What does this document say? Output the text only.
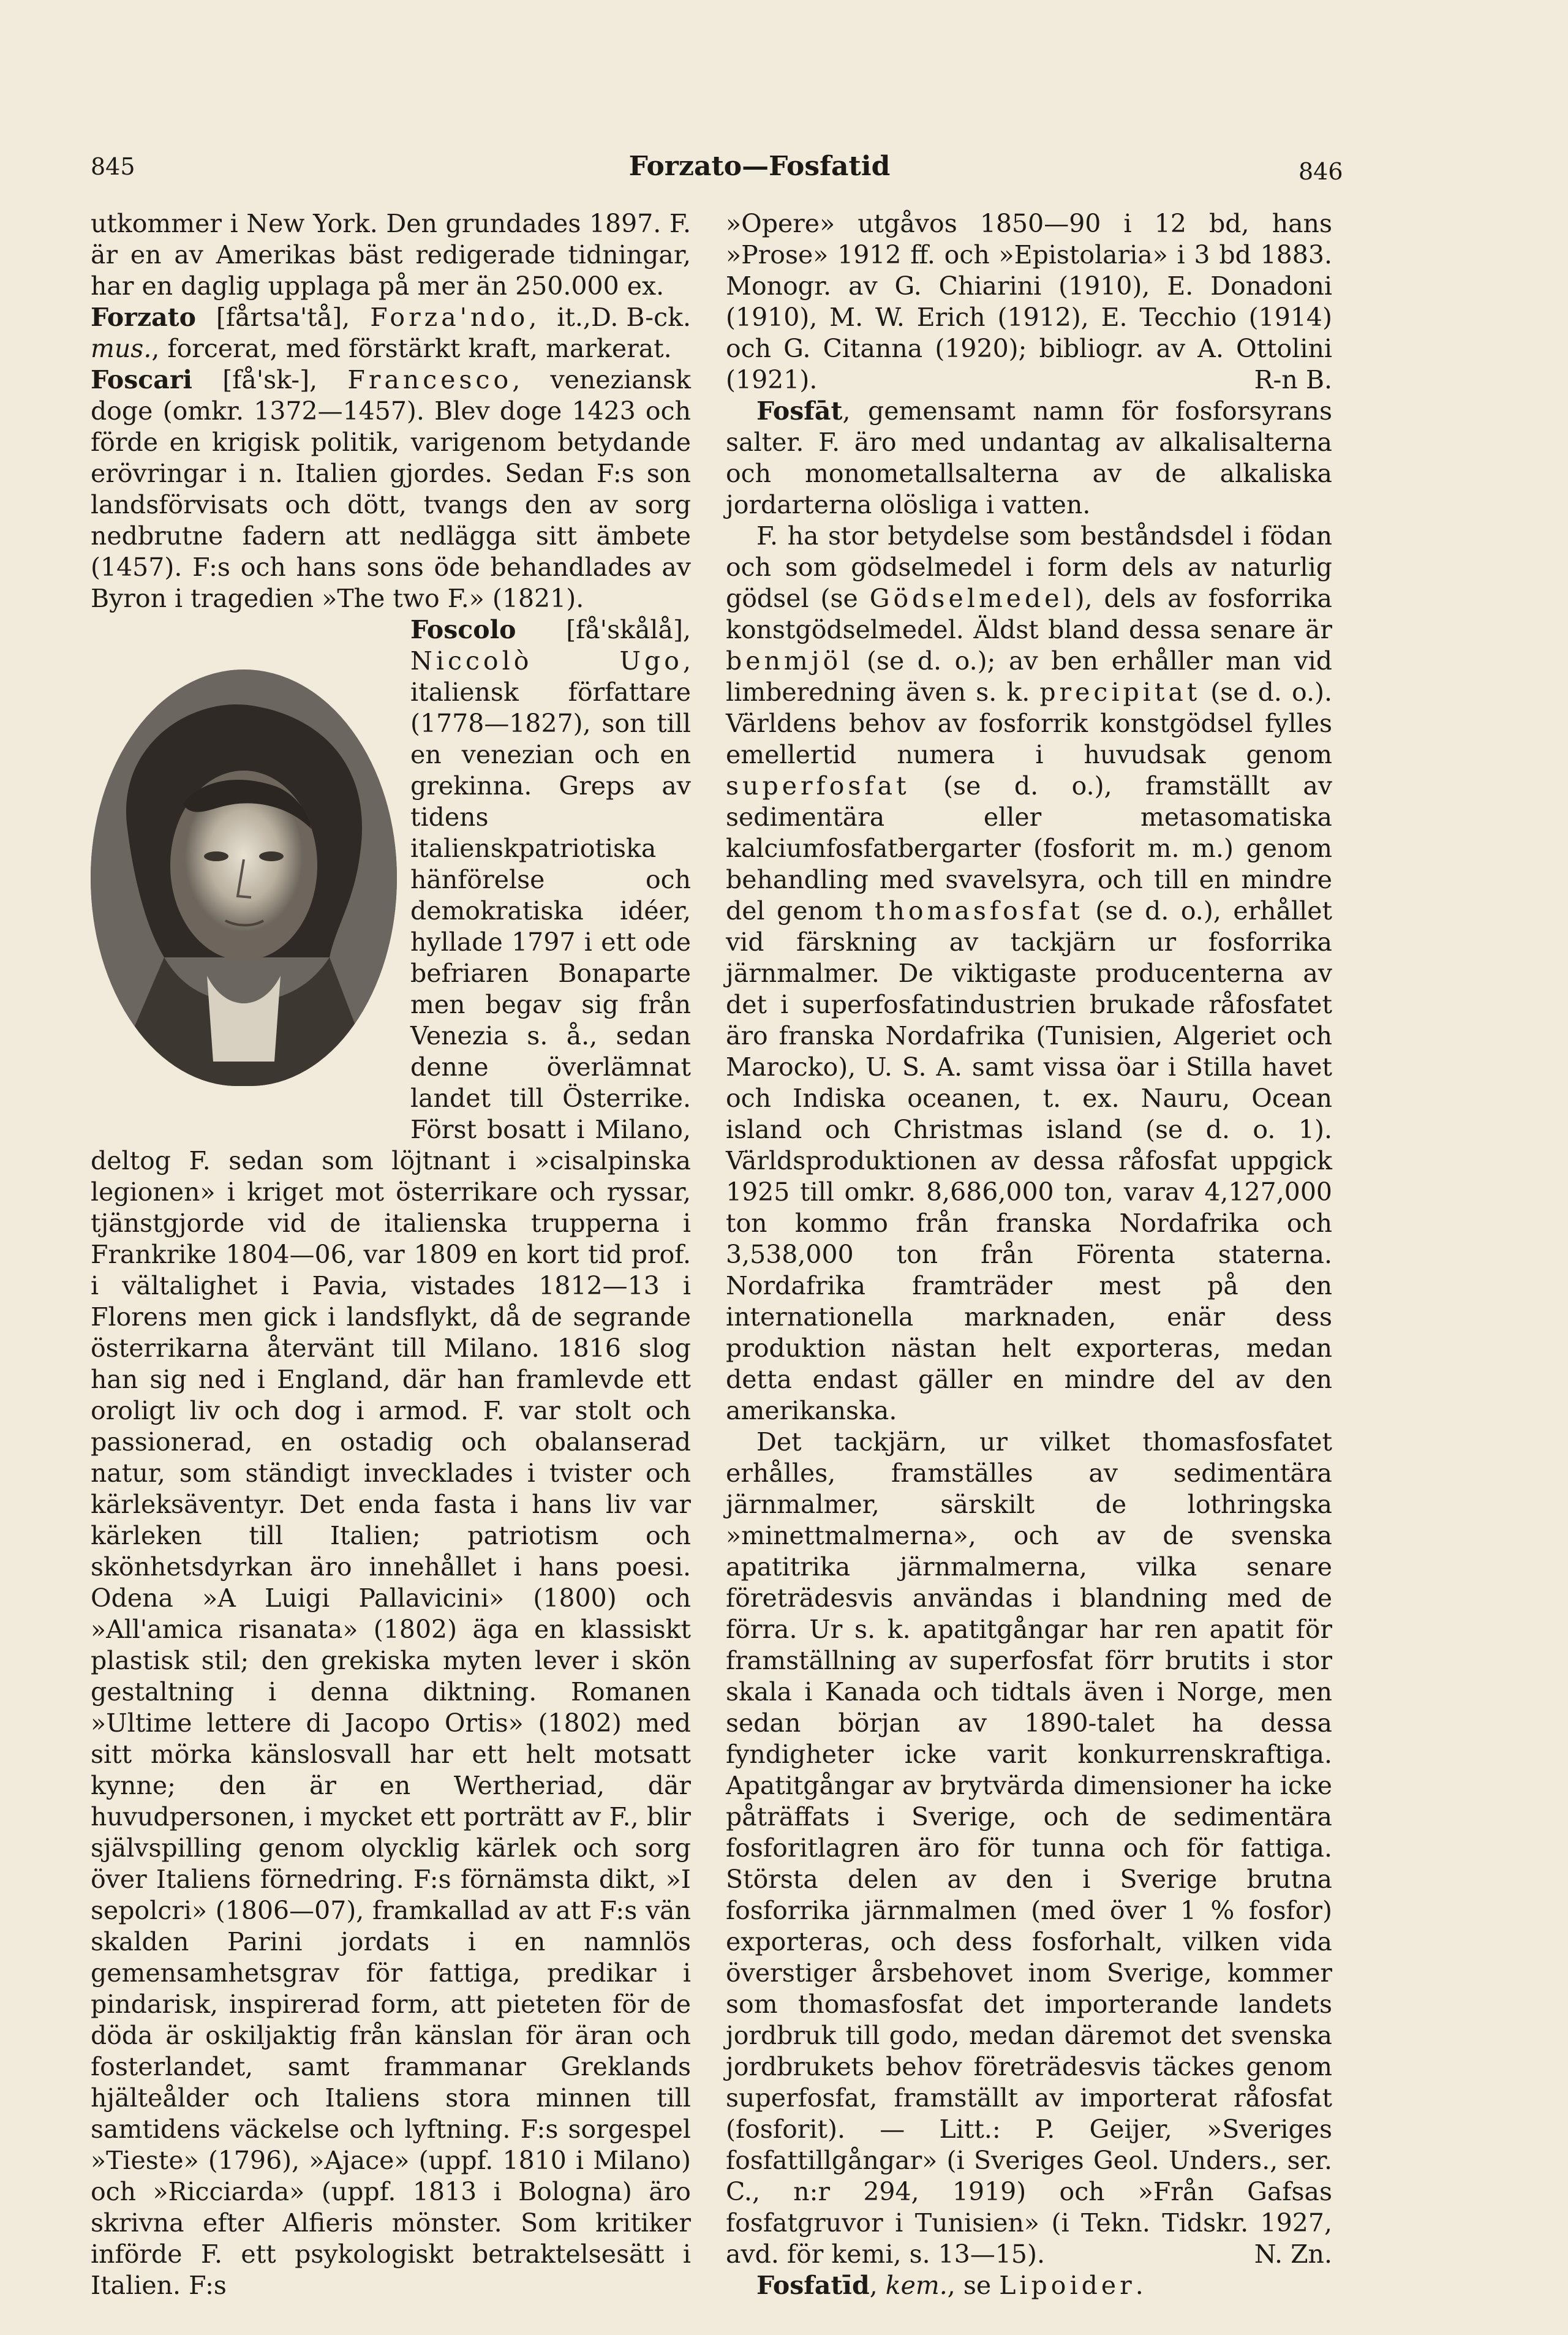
845	Forzato—Fosfatid	846

utkommer i New York. Den grundades 1897. F. är en av Amerikas bäst redigerade tidningar, har en daglig upplaga på mer än 250.000 ex.
D. B-ck.

Forzato [fårtsa'tå], Forza'ndo, it., mus., forcerat, med förstärkt kraft, markerat.

Foscari [få'sk-], Francesco, veneziansk doge (omkr. 1372—1457). Blev doge 1423 och förde en krigisk politik, varigenom betydande erövringar i n. Italien gjordes. Sedan F:s son landsförvisats och dött, tvangs den av sorg nedbrutne fadern att nedlägga sitt ämbete (1457). F:s och hans sons öde behandlades av Byron i tragedien »The two F.» (1821).

Foscolo [få'skålå], Niccolò Ugo, italiensk författare (1778—1827), son till en venezian och en grekinna. Greps av tidens italienskpatriotiska hänförelse och demokratiska idéer, hyllade 1797 i ett ode befriaren Bonaparte men begav sig från Venezia s. å., sedan denne överlämnat landet till Österrike. Först bosatt i Milano, deltog F. sedan som löjtnant i »cisalpinska legionen» i kriget mot österrikare och ryssar, tjänstgjorde vid de italienska trupperna i Frankrike 1804—06, var 1809 en kort tid prof. i vältalighet i Pavia, vistades 1812—13 i Florens men gick i landsflykt, då de segrande österrikarna återvänt till Milano. 1816 slog han sig ned i England, där han framlevde ett oroligt liv och dog i armod. F. var stolt och passionerad, en ostadig och obalanserad natur, som ständigt invecklades i tvister och kärleksäventyr. Det enda fasta i hans liv var kärleken till Italien; patriotism och skönhetsdyrkan äro innehållet i hans poesi. Odena »A Luigi Pallavicini» (1800) och »All'amica risanata» (1802) äga en klassiskt plastisk stil; den grekiska myten lever i skön gestaltning i denna diktning. Romanen »Ultime lettere di Jacopo Ortis» (1802) med sitt mörka känslosvall har ett helt motsatt kynne; den är en Wertheriad, där huvudpersonen, i mycket ett porträtt av F., blir självspilling genom olycklig kärlek och sorg över Italiens förnedring. F:s förnämsta dikt, »I sepolcri» (1806—07), framkallad av att F:s vän skalden Parini jordats i en namnlös gemensamhetsgrav för fattiga, predikar i pindarisk, inspirerad form, att pieteten för de döda är oskiljaktig från känslan för äran och fosterlandet, samt frammanar Greklands hjälteålder och Italiens stora minnen till samtidens väckelse och lyftning. F:s sorgespel »Tieste» (1796), »Ajace» (uppf. 1810 i Milano) och »Ricciarda» (uppf. 1813 i Bologna) äro skrivna efter Alfieris mönster. Som kritiker införde F. ett psykologiskt betraktelsesätt i Italien. F:s

»Opere» utgåvos 1850—90 i 12 bd, hans »Prose» 1912 ff. och »Epistolaria» i 3 bd 1883. Monogr. av G. Chiarini (1910), E. Donadoni (1910), M. W. Erich (1912), E. Tecchio (1914) och G. Citanna (1920); bibliogr. av A. Ottolini (1921).	R-n B.

Fosfāt, gemensamt namn för fosforsyrans salter. F. äro med undantag av alkalisalterna och monometallsalterna av de alkaliska jordarterna olösliga i vatten.

F. ha stor betydelse som beståndsdel i födan och som gödselmedel i form dels av naturlig gödsel (se Gödselmedel), dels av fosforrika konstgödselmedel. Äldst bland dessa senare är benmjöl (se d. o.); av ben erhåller man vid limberedning även s. k. precipitat (se d. o.). Världens behov av fosforrik konstgödsel fylles emellertid numera i huvudsak genom superfosfat (se d. o.), framställt av sedimentära eller metasomatiska kalciumfosfatbergarter (fosforit m. m.) genom behandling med svavelsyra, och till en mindre del genom thomasfosfat (se d. o.), erhållet vid färskning av tackjärn ur fosforrika järnmalmer. De viktigaste producenterna av det i superfosfatindustrien brukade råfosfatet äro franska Nordafrika (Tunisien, Algeriet och Marocko), U. S. A. samt vissa öar i Stilla havet och Indiska oceanen, t. ex. Nauru, Ocean island och Christmas island (se d. o. 1). Världsproduktionen av dessa råfosfat uppgick 1925 till omkr. 8,686,000 ton, varav 4,127,000 ton kommo från franska Nordafrika och 3,538,000 ton från Förenta staterna. Nordafrika framträder mest på den internationella marknaden, enär dess produktion nästan helt exporteras, medan detta endast gäller en mindre del av den amerikanska.

Det tackjärn, ur vilket thomasfosfatet erhålles, framställes av sedimentära järnmalmer, särskilt de lothringska »minettmalmerna», och av de svenska apatitrika järnmalmerna, vilka senare företrädesvis användas i blandning med de förra. Ur s. k. apatitgångar har ren apatit för framställning av superfosfat förr brutits i stor skala i Kanada och tidtals även i Norge, men sedan början av 1890-talet ha dessa fyndigheter icke varit konkurrenskraftiga. Apatitgångar av brytvärda dimensioner ha icke påträffats i Sverige, och de sedimentära fosforitlagren äro för tunna och för fattiga. Största delen av den i Sverige brutna fosforrika järnmalmen (med över 1 % fosfor) exporteras, och dess fosforhalt, vilken vida överstiger årsbehovet inom Sverige, kommer som thomasfosfat det importerande landets jordbruk till godo, medan däremot det svenska jordbrukets behov företrädesvis täckes genom superfosfat, framställt av importerat råfosfat (fosforit). — Litt.: P. Geijer, »Sveriges fosfattillgångar» (i Sveriges Geol. Unders., ser. C., n:r 294, 1919) och »Från Gafsas fosfatgruvor i Tunisien» (i Tekn. Tidskr. 1927, avd. för kemi, s. 13—15).	N. Zn.

Fosfatīd, kem., se Lipoider.
